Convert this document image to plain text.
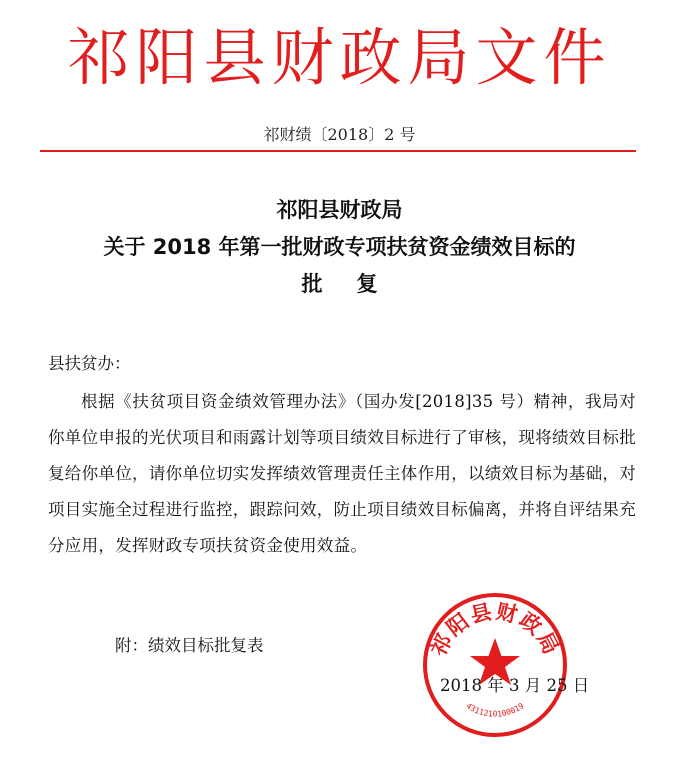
祁阳县财政局文件
祁财绩〔2018〕2 号
祁阳县财政局
关于 2018 年第一批财政专项扶贫资金绩效目标的
批复
县扶贫办：
根据《扶贫项目资金绩效管理办法》（国办发[2018]35 号）精神，我局对你单位申报的光伏项目和雨露计划等项目绩效目标进行了审核，现将绩效目标批复给你单位，请你单位切实发挥绩效管理责任主体作用，以绩效目标为基础，对项目实施全过程进行监控，跟踪问效，防止项目绩效目标偏离，并将自评结果充分应用，发挥财政专项扶贫资金使用效益。
附：绩效目标批复表	祁阳县财政局
4311210100019
2018 年 3 月 25 日
